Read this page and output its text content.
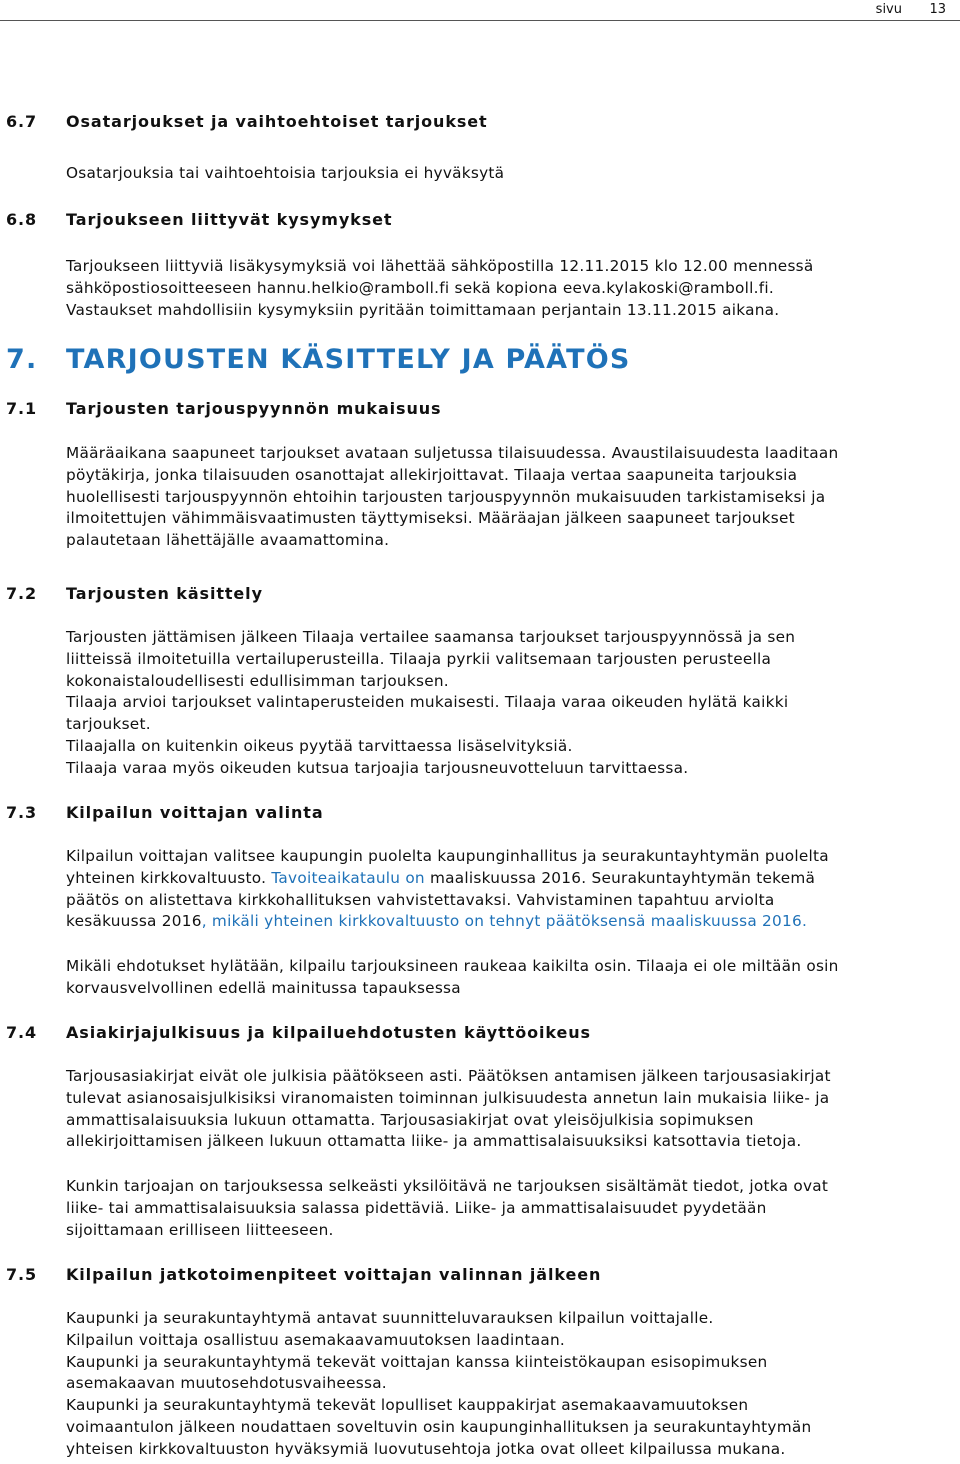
sivu 13
6.7 Osatarjoukset ja vaihtoehtoiset tarjoukset
Osatarjouksia tai vaihtoehtoisia tarjouksia ei hyväksytä
6.8 Tarjoukseen liittyvät kysymykset
Tarjoukseen liittyviä lisäkysymyksiä voi lähettää sähköpostilla 12.11.2015 klo 12.00 mennessä
sähköpostiosoitteeseen hannu.helkio@ramboll.fi sekä kopiona eeva.kylakoski@ramboll.fi.
Vastaukset mahdollisiin kysymyksiin pyritään toimittamaan perjantain 13.11.2015 aikana.
7. TARJOUSTEN KÄSITTELY JA PÄÄTÖS
7.1 Tarjousten tarjouspyynnön mukaisuus
Määräaikana saapuneet tarjoukset avataan suljetussa tilaisuudessa. Avaustilaisuudesta laaditaan
pöytäkirja, jonka tilaisuuden osanottajat allekirjoittavat. Tilaaja vertaa saapuneita tarjouksia
huolellisesti tarjouspyynnön ehtoihin tarjousten tarjouspyynnön mukaisuuden tarkistamiseksi ja
ilmoitettujen vähimmäisvaatimusten täyttymiseksi. Määräajan jälkeen saapuneet tarjoukset
palautetaan lähettäjälle avaamattomina.
7.2 Tarjousten käsittely
Tarjousten jättämisen jälkeen Tilaaja vertailee saamansa tarjoukset tarjouspyynnössä ja sen
liitteissä ilmoitetuilla vertailuperusteilla. Tilaaja pyrkii valitsemaan tarjousten perusteella
kokonaistaloudellisesti edullisimman tarjouksen.
Tilaaja arvioi tarjoukset valintaperusteiden mukaisesti. Tilaaja varaa oikeuden hylätä kaikki
tarjoukset.
Tilaajalla on kuitenkin oikeus pyytää tarvittaessa lisäselvityksiä.
Tilaaja varaa myös oikeuden kutsua tarjoajia tarjousneuvotteluun tarvittaessa.
7.3 Kilpailun voittajan valinta
Kilpailun voittajan valitsee kaupungin puolelta kaupunginhallitus ja seurakuntayhtymän puolelta
yhteinen kirkkovaltuusto. Tavoiteaikataulu on maaliskuussa 2016. Seurakuntayhtymän tekemä
päätös on alistettava kirkkohallituksen vahvistettavaksi. Vahvistaminen tapahtuu arviolta
kesäkuussa 2016, mikäli yhteinen kirkkovaltuusto on tehnyt päätöksensä maaliskuussa 2016.
Mikäli ehdotukset hylätään, kilpailu tarjouksineen raukeaa kaikilta osin. Tilaaja ei ole miltään osin
korvausvelvollinen edellä mainitussa tapauksessa
7.4 Asiakirjajulkisuus ja kilpailuehdotusten käyttöoikeus
Tarjousasiakirjat eivät ole julkisia päätökseen asti. Päätöksen antamisen jälkeen tarjousasiakirjat
tulevat asianosaisjulkisiksi viranomaisten toiminnan julkisuudesta annetun lain mukaisia liike- ja
ammattisalaisuuksia lukuun ottamatta. Tarjousasiakirjat ovat yleisöjulkisia sopimuksen
allekirjoittamisen jälkeen lukuun ottamatta liike- ja ammattisalaisuuksiksi katsottavia tietoja.
Kunkin tarjoajan on tarjouksessa selkeästi yksilöitävä ne tarjouksen sisältämät tiedot, jotka ovat
liike- tai ammattisalaisuuksia salassa pidettäviä. Liike- ja ammattisalaisuudet pyydetään
sijoittamaan erilliseen liitteeseen.
7.5 Kilpailun jatkotoimenpiteet voittajan valinnan jälkeen
Kaupunki ja seurakuntayhtymä antavat suunnitteluvarauksen kilpailun voittajalle.
Kilpailun voittaja osallistuu asemakaavamuutoksen laadintaan.
Kaupunki ja seurakuntayhtymä tekevät voittajan kanssa kiinteistökaupan esisopimuksen
asemakaavan muutosehdotusvaiheessa.
Kaupunki ja seurakuntayhtymä tekevät lopulliset kauppakirjat asemakaavamuutoksen
voimaantulon jälkeen noudattaen soveltuvin osin kaupunginhallituksen ja seurakuntayhtymän
yhteisen kirkkovaltuuston hyväksymiä luovutusehtoja jotka ovat olleet kilpailussa mukana.
